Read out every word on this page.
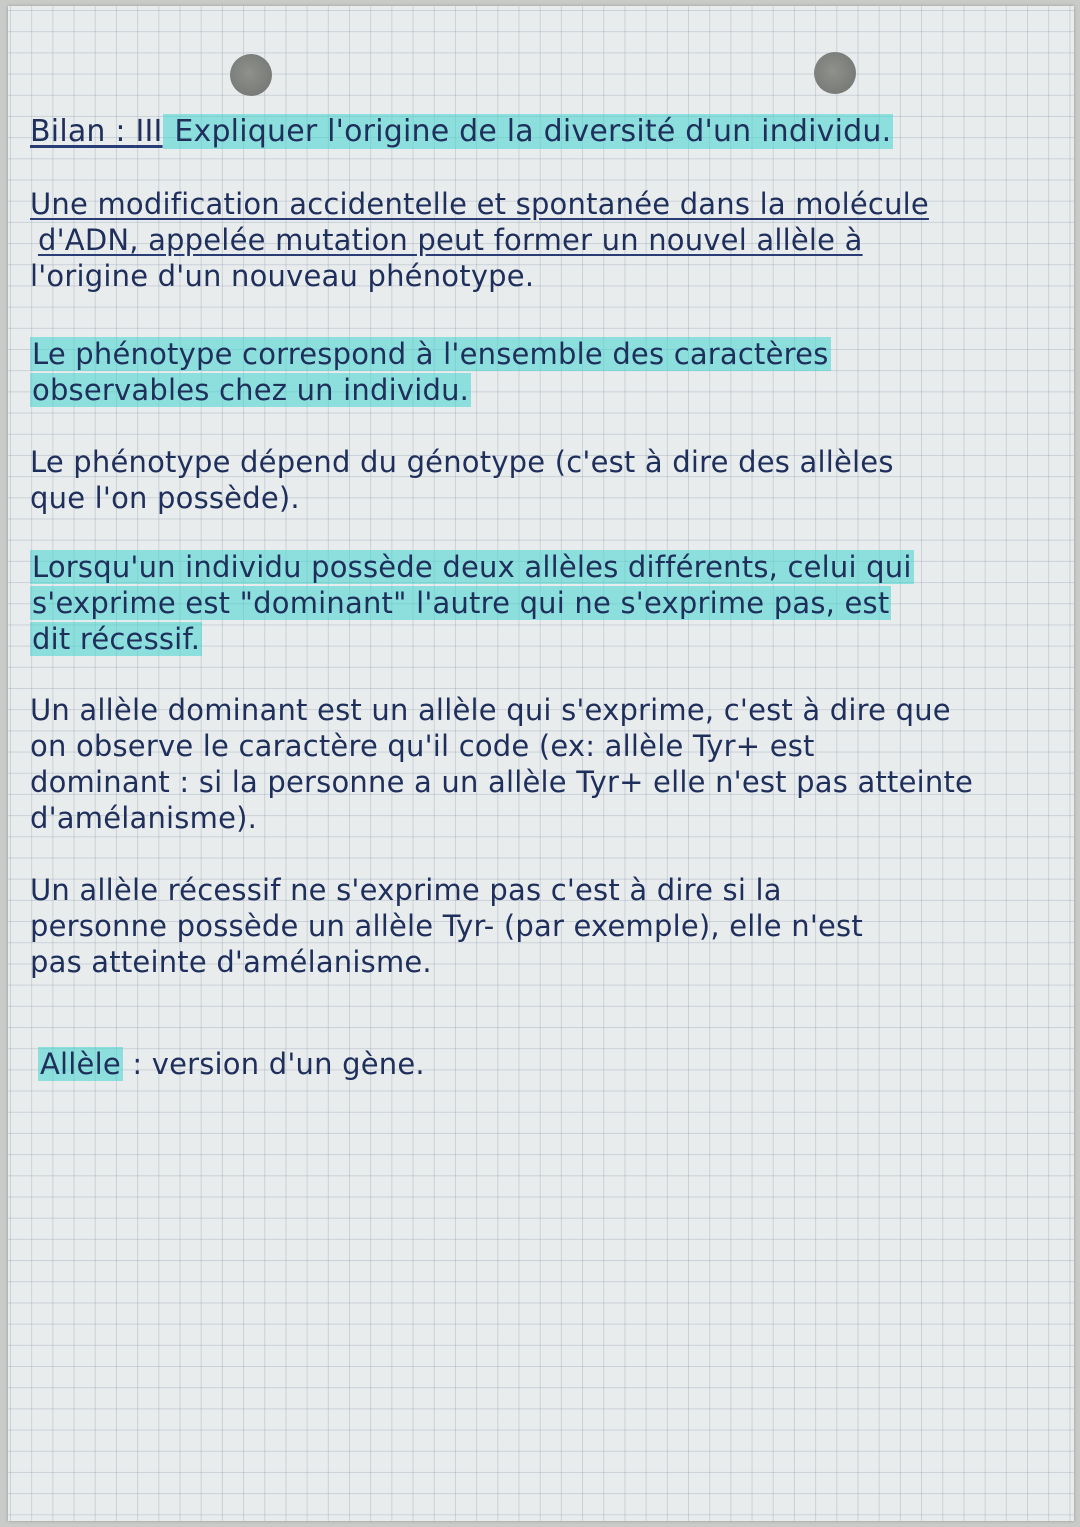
Bilan : III Expliquer l'origine de la diversité d'un individu.
Une modification accidentelle et spontanée dans la molécule
d'ADN, appelée mutation peut former un nouvel allèle à
l'origine d'un nouveau phénotype.
Le phénotype correspond à l'ensemble des caractères
observables chez un individu.
Le phénotype dépend du génotype (c'est à dire des allèles
que l'on possède).
Lorsqu'un individu possède deux allèles différents, celui qui
s'exprime est "dominant" l'autre qui ne s'exprime pas, est
dit récessif.
Un allèle dominant est un allèle qui s'exprime, c'est à dire que
on observe le caractère qu'il code (ex: allèle Tyr+ est
dominant : si la personne a un allèle Tyr+ elle n'est pas atteinte
d'amélanisme).
Un allèle récessif ne s'exprime pas c'est à dire si la
personne possède un allèle Tyr- (par exemple), elle n'est
pas atteinte d'amélanisme.
Allèle : version d'un gène.
